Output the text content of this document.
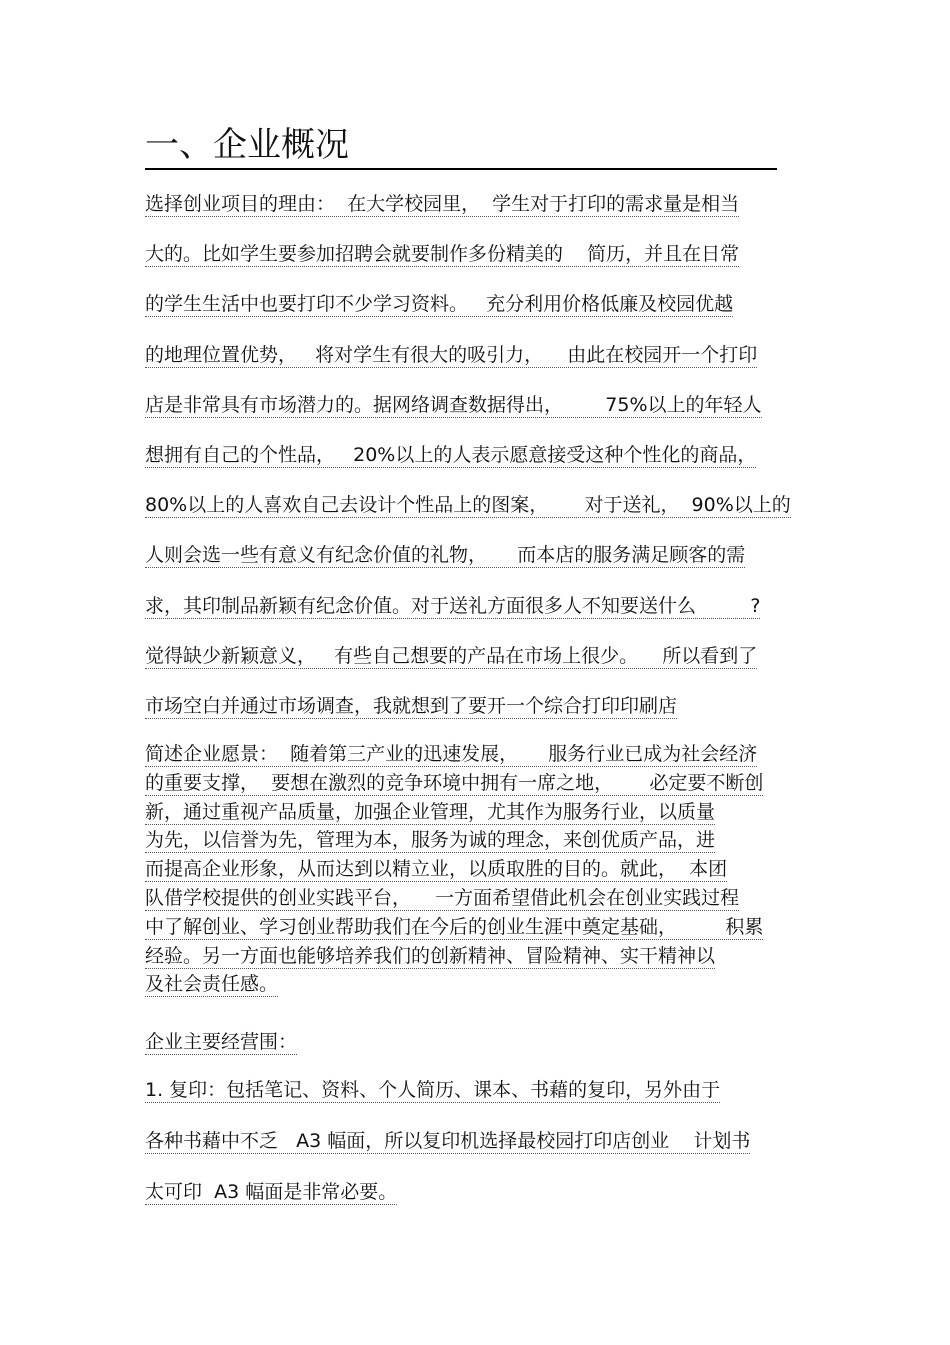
一、企业概况
选择创业项目的理由：  在大学校园里，  学生对于打印的需求量是相当
大的。比如学生要参加招聘会就要制作多份精美的    简历，并且在日常
的学生生活中也要打印不少学习资料。   充分利用价格低廉及校园优越
的地理位置优势，   将对学生有很大的吸引力，    由此在校园开一个打印
店是非常具有市场潜力的。据网络调查数据得出，       75%以上的年轻人
想拥有自己的个性品，   20%以上的人表示愿意接受这种个性化的商品，
80%以上的人喜欢自己去设计个性品上的图案，      对于送礼，  90%以上的
人则会选一些有意义有纪念价值的礼物，     而本店的服务满足顾客的需
求，其印制品新颖有纪念价值。对于送礼方面很多人不知要送什么         ?
觉得缺少新颖意义，   有些自己想要的产品在市场上很少。    所以看到了
市场空白并通过市场调查，我就想到了要开一个综合打印印刷店
简述企业愿景：  随着第三产业的迅速发展，     服务行业已成为社会经济
的重要支撑，  要想在激烈的竞争环境中拥有一席之地，      必定要不断创
新，通过重视产品质量，加强企业管理，尤其作为服务行业，以质量
为先，以信誉为先，管理为本，服务为诚的理念，来创优质产品，进
而提高企业形象，从而达到以精立业，以质取胜的目的。就此，  本团
队借学校提供的创业实践平台，    一方面希望借此机会在创业实践过程
中了解创业、学习创业帮助我们在今后的创业生涯中奠定基础，        积累
经验。另一方面也能够培养我们的创新精神、冒险精神、实干精神以
及社会责任感。
企业主要经营围：
1. 复印：包括笔记、资料、个人简历、课本、书藉的复印，另外由于
各种书藉中不乏   A3 幅面，所以复印机选择最校园打印店创业    计划书
太可印  A3 幅面是非常必要。
